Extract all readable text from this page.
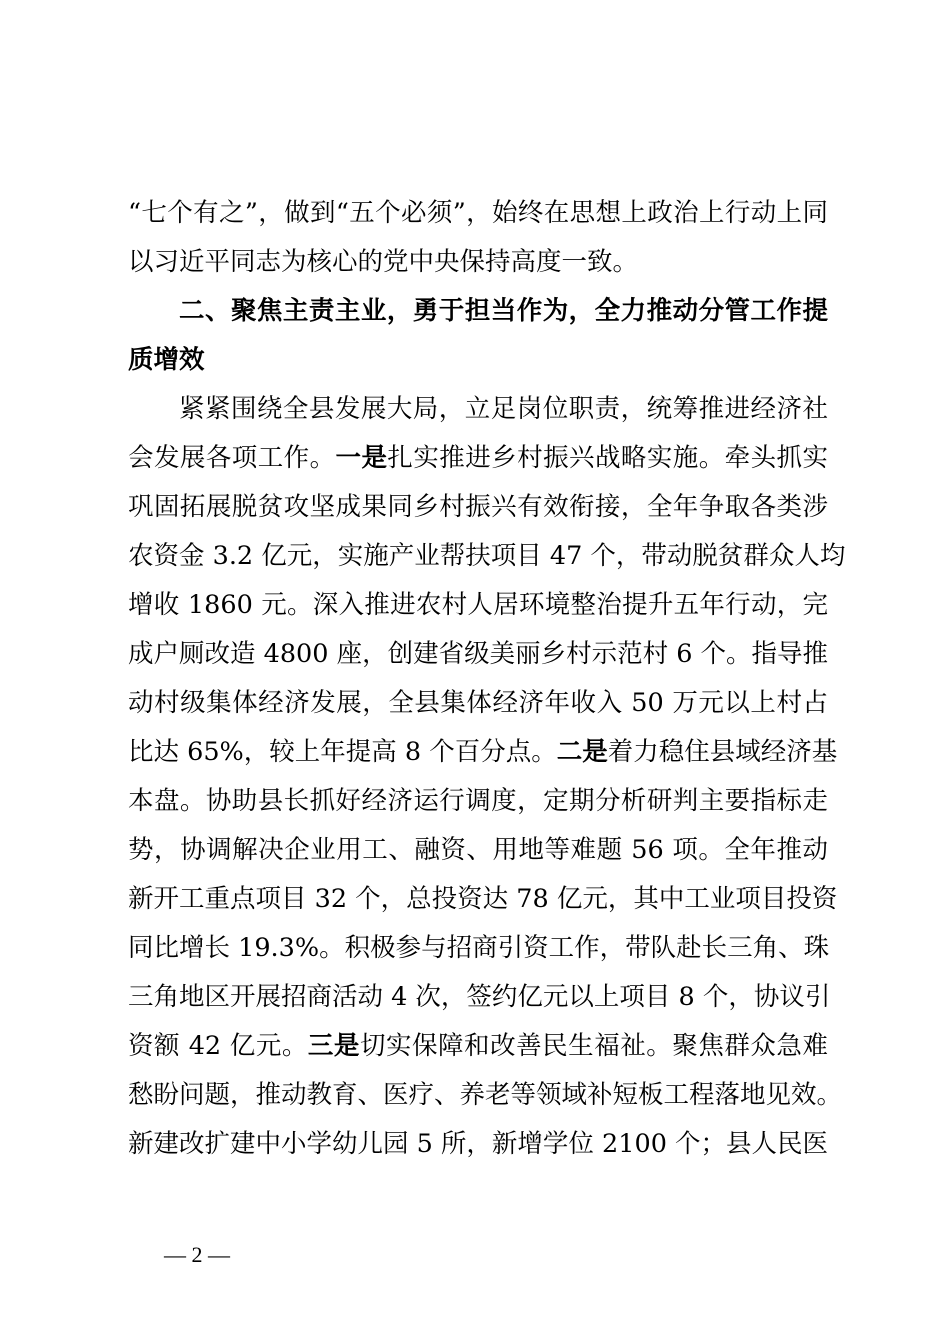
“七个有之”，做到“五个必须”，始终在思想上政治上行动上同
以习近平同志为核心的党中央保持高度一致。
二、聚焦主责主业，勇于担当作为，全力推动分管工作提
质增效
紧紧围绕全县发展大局，立足岗位职责，统筹推进经济社
会发展各项工作。一是扎实推进乡村振兴战略实施。牵头抓实
巩固拓展脱贫攻坚成果同乡村振兴有效衔接，全年争取各类涉
农资金 3.2 亿元，实施产业帮扶项目 47 个，带动脱贫群众人均
增收 1860 元。深入推进农村人居环境整治提升五年行动，完
成户厕改造 4800 座，创建省级美丽乡村示范村 6 个。指导推
动村级集体经济发展，全县集体经济年收入 50 万元以上村占
比达 65%，较上年提高 8 个百分点。二是着力稳住县域经济基
本盘。协助县长抓好经济运行调度，定期分析研判主要指标走
势，协调解决企业用工、融资、用地等难题 56 项。全年推动
新开工重点项目 32 个，总投资达 78 亿元，其中工业项目投资
同比增长 19.3%。积极参与招商引资工作，带队赴长三角、珠
三角地区开展招商活动 4 次，签约亿元以上项目 8 个，协议引
资额 42 亿元。三是切实保障和改善民生福祉。聚焦群众急难
愁盼问题，推动教育、医疗、养老等领域补短板工程落地见效。
新建改扩建中小学幼儿园 5 所，新增学位 2100 个；县人民医
— 2 —
